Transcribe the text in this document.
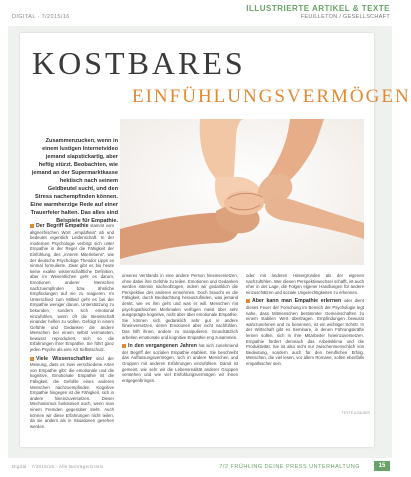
ILLUSTRIERTE ARTIKEL & TEXTE
FEUILLETON / GESELLSCHAFT
DIGITAL · 7/2015/16
KOSTBARES
EINFÜHLUNGSVERMÖGEN
Zusammenzucken, wenn in einem lustigen Internetvideo jemand slapstickartig, aber heftig stürzt. Beobachten, wie jemand an der Supermarktkasse hektisch nach seinem Geldbeutel sucht, und den Stress nachempfinden können. Eine warmherzige Rede auf einer Trauerfeier halten. Das alles sind Beispiele für Empathie.
Der Begriff Empathie stammt vom altgriechischen Wort „empátheia“ ab und bedeutet eigentlich Leidenschaft. In der modernen Psychologie verbirgt sich unter Empathie in der Regel die Fähigkeit der Einfühlung, des „inneren Miterlebens“, wie der deutsche Psychologe Theodor Lipps es einmal formulierte. Zwar gibt es bis heute keine exakte wissenschaftliche Definition, aber im Wesentlichen geht es darum, Emotionen anderer Menschen nachzuempfinden bzw. ähnliche Empfindungen auf sie zu reagieren. Im Unterschied zum Mitleid geht es bei der Empathie weniger darum, Unterstützung zu bekunden, sondern sich emotional einzufühlen, wenn oft die Bereitschaft einander helfen zu wollen. Gefolgt in einem Gefühle und Gedanken die andere Menschen bei einem selbst vermuteten, bewusst reproduziert, sich so die Erfahrungen ihrer Empathie. Sie führt ganz jeden Psyche als eine Art Selbstschutz.
Viele Wissenschaftler sind der Meinung, dass es zwei verschiedene Arten von Empathie gibt: die emotionale und die kognitive. Emotionale Empathie ist die Fähigkeit, die Gefühle eines anderen Menschen nachzuempfinden. Kognitive Empathie hingegen ist die Fähigkeit, sich in andere hineinzuversetzen. Dieser Mechanismus funktioniert auch, wenn man einem Fremden gegenüber steht. Auch können wir diese Erfahrungen nicht teilen, da sie anders als in Situationen gesehen werden.
unseres Verstands in eine andere Person hineinversetzen, ohne dabei ihre Gefühle zu teilen. Emotionen und Gedanken werden intensiv nachvollzogen, indem wir gedanklich die Perspektive des anderen einnehmen. Doch braucht es die Fähigkeit, durch Beobachtung herauszufinden, was jemand denkt, wie es ihm geht und was er will. Menschen mit psychopathischen Merkmalen verfügen meist über sehr ausgeprägte kognitive, nicht aber über emotionale Empathie. Sie können sich gedanklich sehr gut in andere hineinversetzen, deren Emotionen aber nicht nachfühlen. Das hilft ihnen, andere zu manipulieren. Grundsätzlich arbeiten emotionale und kognitive Empathie eng zusammen.
In den vergangenen Jahren hat sich zunehmend der Begriff der sozialen Empathie etabliert. Sie beschreibt das Auffassungsvermögen, sich in andere Menschen und Gruppen mit anderen Erfahrungen einzufühlen. Damit ist gemeint, wie sehr wir die Lebensrealität anderer Gruppen verstehen und wie viel Einfühlungsvermögen wir ihnen entgegenbringen.
oder mit anderen Hintergründen als der eigenen nachzufühlen. Wer diesen Perspektivwechsel schafft, ist auch eher in der Lage, die Folgen eigener Handlungen für andere einzuschätzen und soziale Ungerechtigkeiten zu erkennen.
Aber kann man Empathie erlernen oder dient dieses Feuer der Forschung im Bereich der Psychologie legt nahe, dass Mitmenschen bestimmter Gemeinschaften zu einem stabilen Wert übertragen. Empfindungen bewusst wahrzunehmen und zu benennen, ist ein wichtiger Schritt. In der Wirtschaft gibt es Seminare, in denen Führungskräfte lernen sollen, sich in ihre Mitarbeiter hineinzuversetzen. Empathie fördert demnach das Arbeitsklima und die Produktivität. Sie ist also nicht nur zwischenmenschlich von Bedeutung, sondern auch für den beruflichen Erfolg. Menschen, die viel lesen, vor allem Romane, sollen ebenfalls empathischer sein.
TEXTE & BILDER
Digital · 7/2015/16 · Alle Beiträge/Gratis	7/2 FRÜHLING DEINE PRESS UNTERHALTUNG	15
